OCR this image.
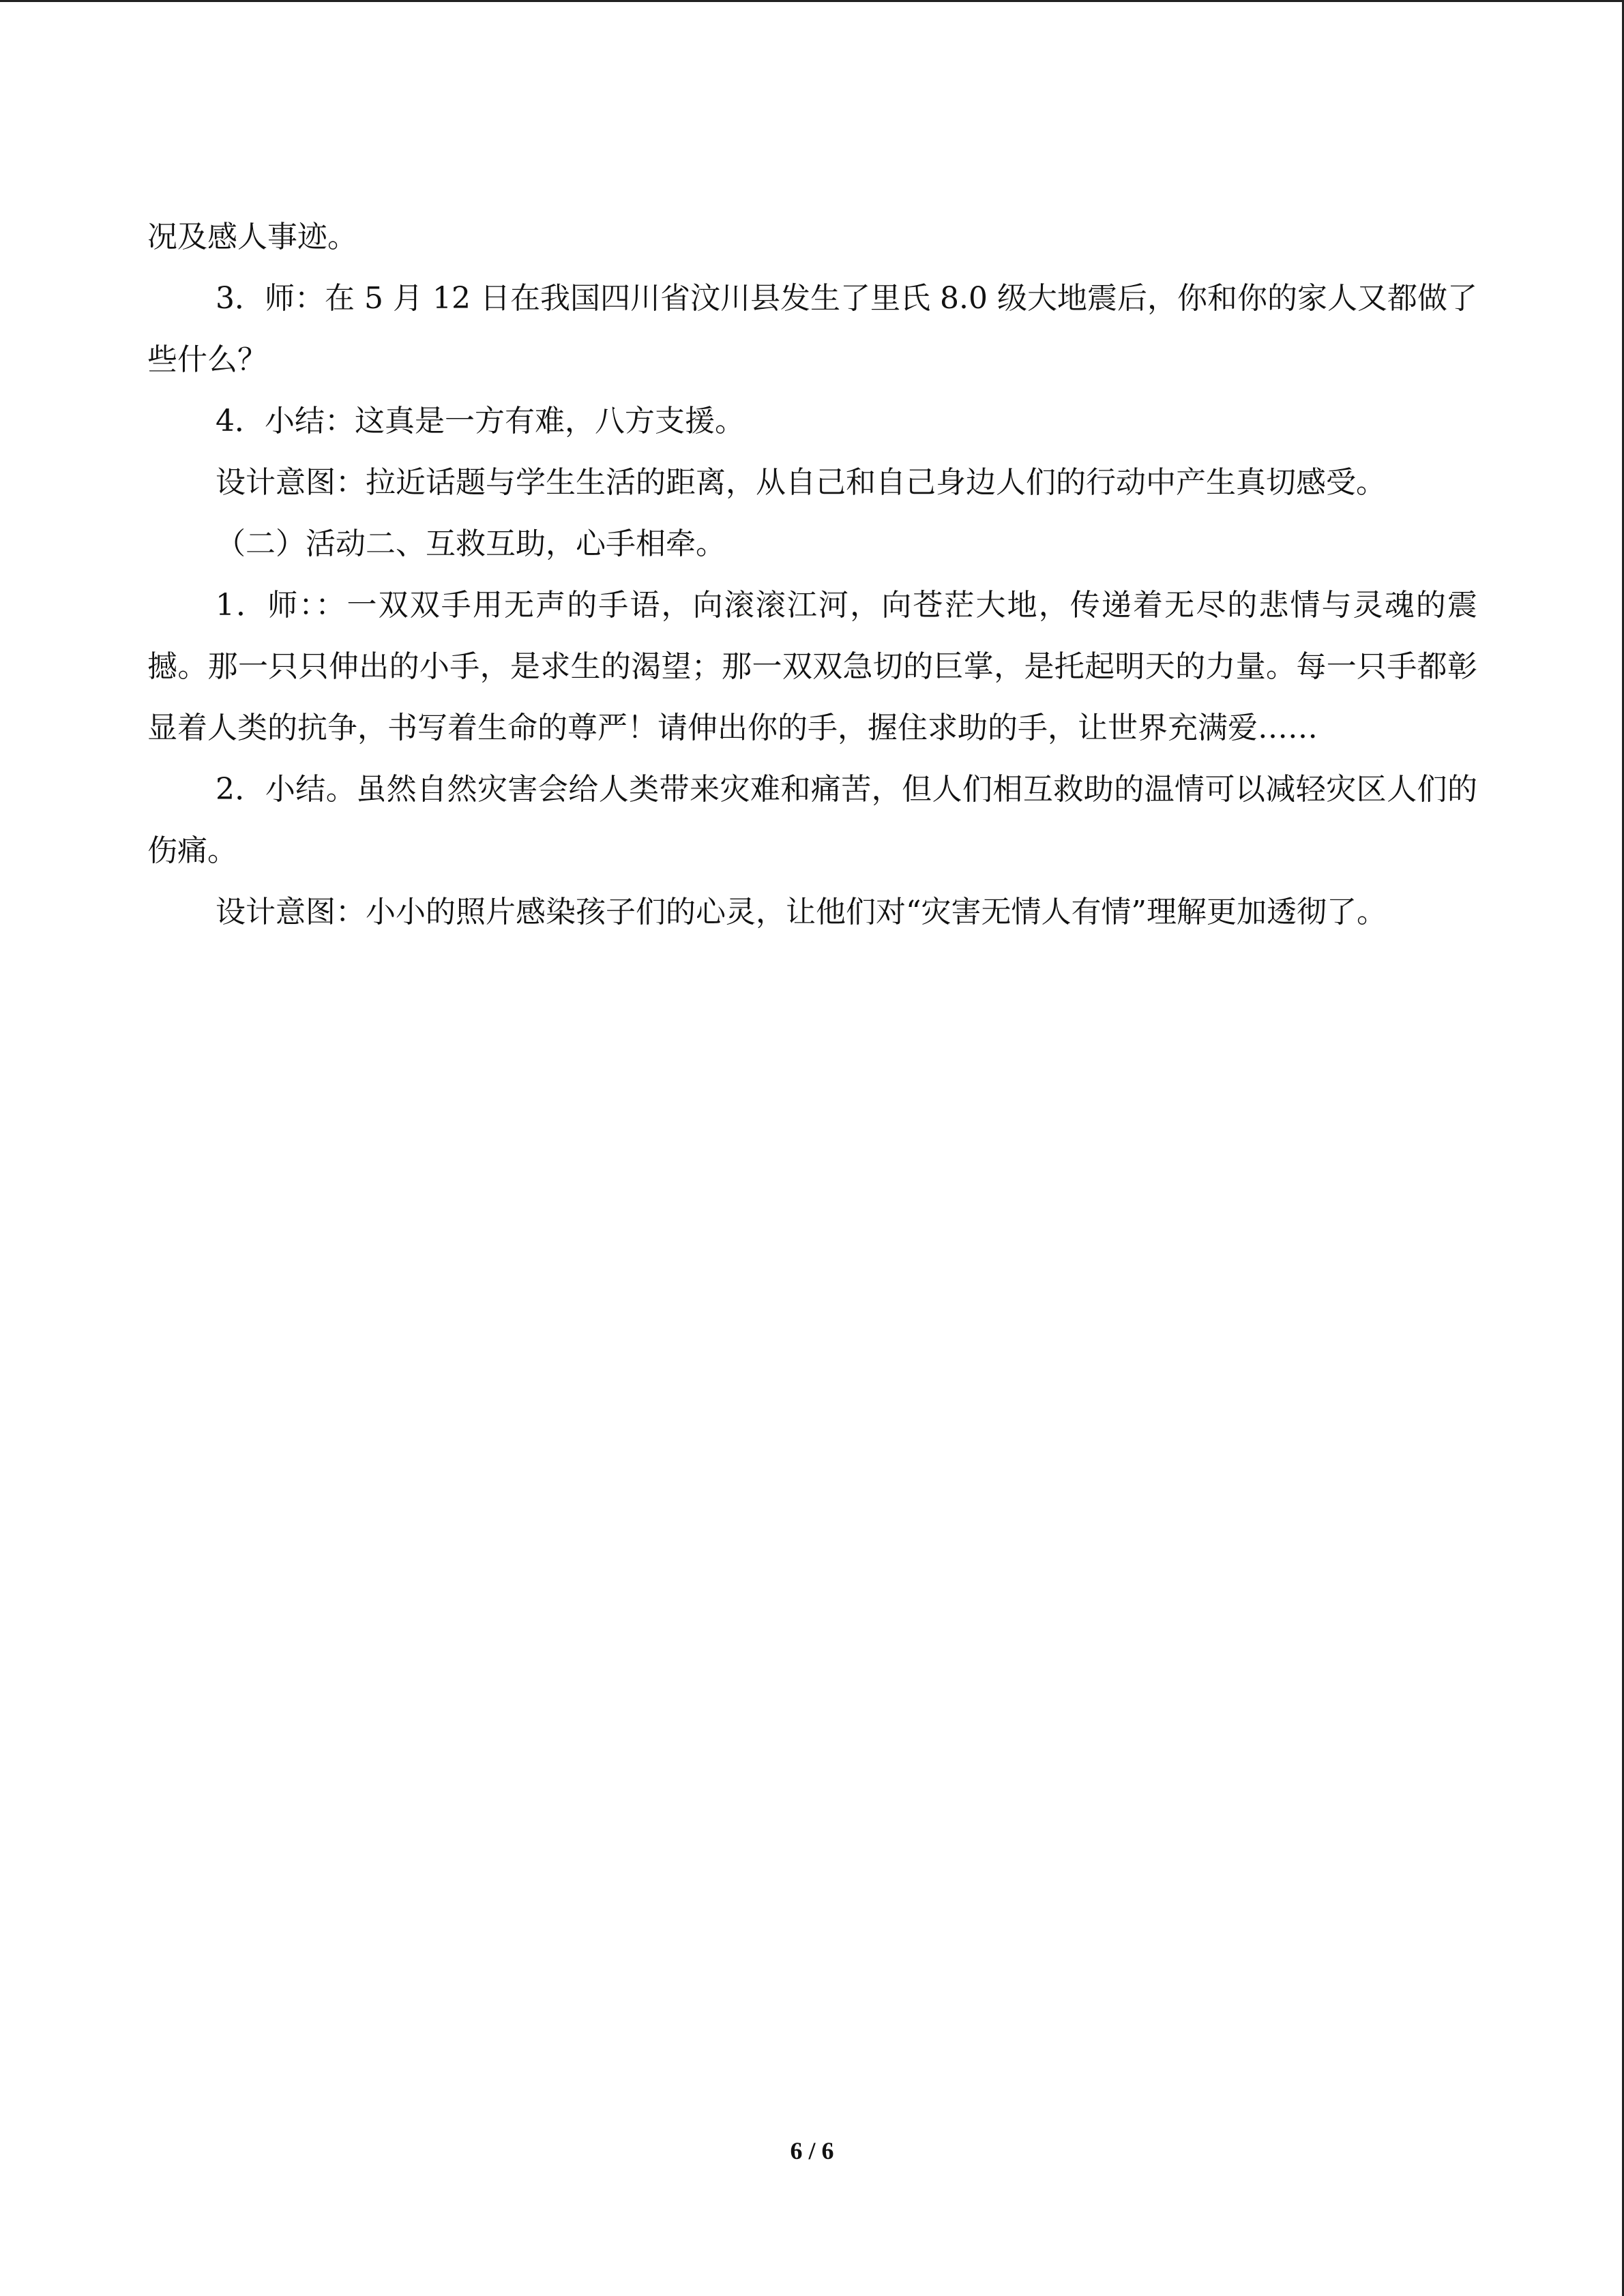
况及感人事迹。

3．师：在 5 月 12 日在我国四川省汶川县发生了里氏 8.0 级大地震后，你和你的家人又都做了些什么？

4．小结：这真是一方有难，八方支援。

设计意图：拉近话题与学生生活的距离，从自己和自己身边人们的行动中产生真切感受。

（二）活动二、互救互助，心手相牵。

1．师：：一双双手用无声的手语，向滚滚江河，向苍茫大地，传递着无尽的悲情与灵魂的震撼。那一只只伸出的小手，是求生的渴望；那一双双急切的巨掌，是托起明天的力量。每一只手都彰显着人类的抗争，书写着生命的尊严！请伸出你的手，握住求助的手，让世界充满爱……

2．小结。虽然自然灾害会给人类带来灾难和痛苦，但人们相互救助的温情可以减轻灾区人们的伤痛。

设计意图：小小的照片感染孩子们的心灵，让他们对“灾害无情人有情”理解更加透彻了。

6 / 6
